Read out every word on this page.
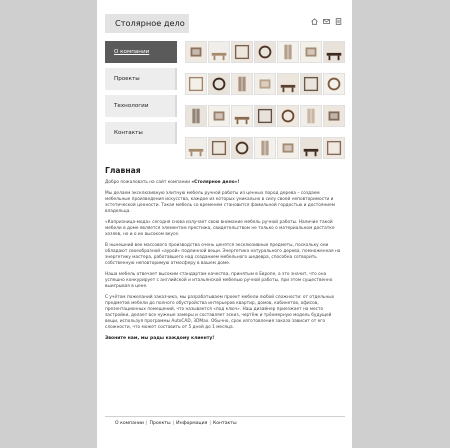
Столярное дело
О компании
Проекты
Технологии
Контакты
Главная

Добро пожаловать на сайт компании «Столярное дело»!

Мы делаем эксклюзивную элитную мебель ручной работы из ценных пород дерева – создаем мебельные произведения искусства, каждое из которых уникально в силу своей неповторимости и эстетической ценности. Такая мебель со временем становится фамильной гордостью и достоянием владельца.

«Капризница-мода» сегодня снова излучает свою внимание мебель ручной работы. Наличие такой мебели в доме является элементом престижа, свидетельством не только о материальном достатке хозяев, но и о их высоком вкусе.

В нынешний век массового производства очень ценятся эксклюзивные предметы, поскольку они обладают своеобразной «аурой» подлинной вещи. Энергетика натурального дерева, помноженная на энергетику мастера, работавшего над созданием мебельного шедевра, способна сотворить собственную неповторимую атмосферу в вашем доме.

Наша мебель отвечает высоким стандартам качества, принятым в Европе, а это значит, что она успешно конкурирует с английской и итальянской мебелью ручной работы, при этом существенно выигрывая в цене.

С учётом пожеланий заказчика, мы разрабатываем проект мебели любой сложности: от отдельных предметов мебели до полного обустройства интерьеров квартир, домов, кабинетов, офисов, презентационных помещений, что называется «под ключ». Наш дизайнер приезжает на место застройки, делает все нужные замеры и составляет эскиз, чертёж и трёхмерную модель будущей вещи, используя программы AutoCAD, 3DMax. Обычно, срок изготовления заказа зависит от его сложности, что может составить от 5 дней до 1 месяца.

Звоните нам, мы рады каждому клиенту!

О компании | Проекты | Информация | Контакты
